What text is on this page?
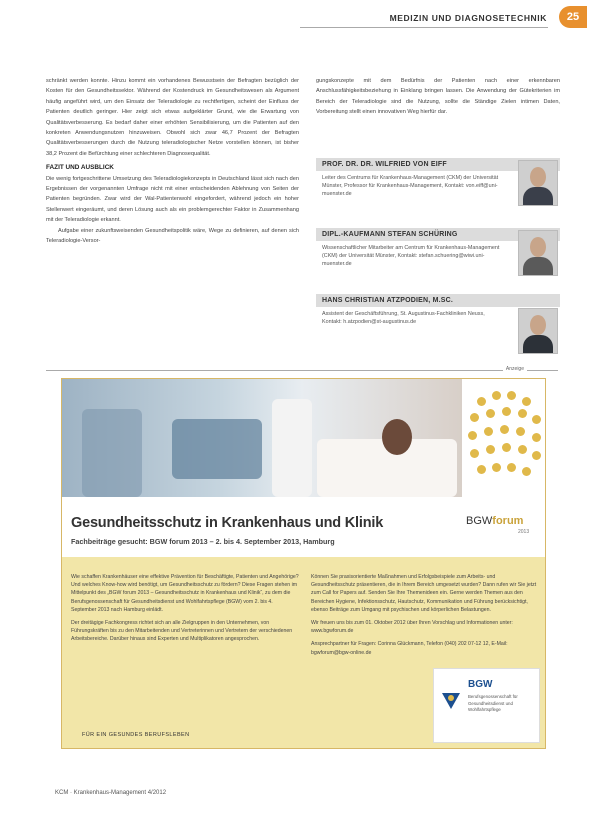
MEDIZIN UND DIAGNOSETECHNIK	25

schränkt werden konnte. Hinzu kommt ein vorhandenes Bewusstsein der Befragten bezüglich der Kosten für den Gesundheitssektor. Während der Kostendruck im Gesundheitswesen als Argument häufig angeführt wird, um den Einsatz der Teleradiologie zu rechtfertigen, scheint der Einfluss der Patienten deutlich geringer. Hier zeigt sich etwas aufgeklärter Grund, wie die Erwartung von Qualitätsverbesserung. Es bedarf daher einer erhöhten Sensibilisierung, um die Patienten auf den konkreten Anwendungsnutzen hinzuweisen. Obwohl sich zwar 46,7 Prozent der Befragten Qualitätsverbesserungen durch die Nutzung teleradiologischer Netze vorstellen können, ist bisher 38,2 Prozent die Befürchtung einer schlechteren Diagnosequalität.

FAZIT UND AUSBLICK

Die wenig fortgeschrittene Umsetzung des Teleradiologiekonzepts in Deutschland lässt sich nach den Ergebnissen der vorgenannten Umfrage nicht mit einer entscheidenden Ablehnung von Seiten der Patienten begründen. Zwar wird der Wal-Patientenwohl eingefordert, während jedoch ein hoher Stellenwert eingeräumt, und deren Lösung auch als ein problemgerechter Faktor in Zusammenhang mit der Teleradiologie erkannt.

Aufgabe einer zukunftsweisenden Gesundheitspolitik wäre, Wege zu definieren, auf denen sich Teleradiologie-Versor-

gungskonzepte mit dem Bedürfnis der Patienten nach einer erkennbaren Anschlussfähigkeitsbeziehung in Einklang bringen lassen. Die Anwendung der Gütekriterien im Bereich der Teleradiologie sind die Nutzung, sollte die Ständige Zielen intimen Daten, Vorbereitung stellt einen innovativen Weg hierfür dar.

PROF. DR. DR. WILFRIED VON EIFF
Leiter des Centrums für Krankenhaus-Management (CKM) der Universität Münster, Professor für Krankenhaus-Management, Kontakt: von.eiff@uni-muenster.de
DIPL.-KAUFMANN STEFAN SCHÜRING
Wissenschaftlicher Mitarbeiter am Centrum für Krankenhaus-Management (CKM) der Universität Münster, Kontakt: stefan.schuering@wiwi.uni-muenster.de
HANS CHRISTIAN ATZPODIEN, M.SC.
Assistent der Geschäftsführung, St. Augustinus-Fachkliniken Neuss, Kontakt: h.atzpodien@st-augustinus.de
Anzeige
BGWforum
2013
Gesundheitsschutz in Krankenhaus und Klinik
Fachbeiträge gesucht: BGW forum 2013 – 2. bis 4. September 2013, Hamburg

Wie schaffen Krankenhäuser eine effektive Prävention für Beschäftigte, Patienten und Angehörige? Und welches Know-how wird benötigt, um Gesundheitsschutz zu fördern? Diese Fragen stehen im Mittelpunkt des „BGW forum 2013 – Gesundheitsschutz in Krankenhaus und Klinik“, zu dem die Berufsgenossenschaft für Gesundheitsdienst und Wohlfahrtspflege (BGW) vom 2. bis 4. September 2013 nach Hamburg einlädt.

Der dreitägige Fachkongress richtet sich an alle Zielgruppen in den Unternehmen, von Führungskräften bis zu den Mitarbeitenden und Vertreterinnen und Vertretern der verschiedenen Arbeitsbereiche. Darüber hinaus sind Experten und Multiplikatoren angesprochen.

Können Sie praxisorientierte Maßnahmen und Erfolgsbeispiele zum Arbeits- und Gesundheitsschutz präsentieren, die in Ihrem Bereich umgesetzt wurden? Dann rufen wir Sie jetzt zum Call for Papers auf. Senden Sie Ihre Themenideen ein. Gerne werden Themen aus den Bereichen Hygiene, Infektionsschutz, Hautschutz, Kommunikation und Führung berücksichtigt, ebenso Beiträge zum Umgang mit psychischen und körperlichen Belastungen.

Wir freuen uns bis zum 01. Oktober 2012 über Ihren Vorschlag und Informationen unter: www.bgwforum.de

Ansprechpartner für Fragen: Corinna Glückmann, Telefon (040) 202 07-12 12, E-Mail: bgwforum@bgw-online.de

BGW
Berufsgenossenschaft für Gesundheitsdienst und Wohlfahrtspflege
FÜR EIN GESUNDES BERUFSLEBEN
KCM · Krankenhaus-Management 4/2012
